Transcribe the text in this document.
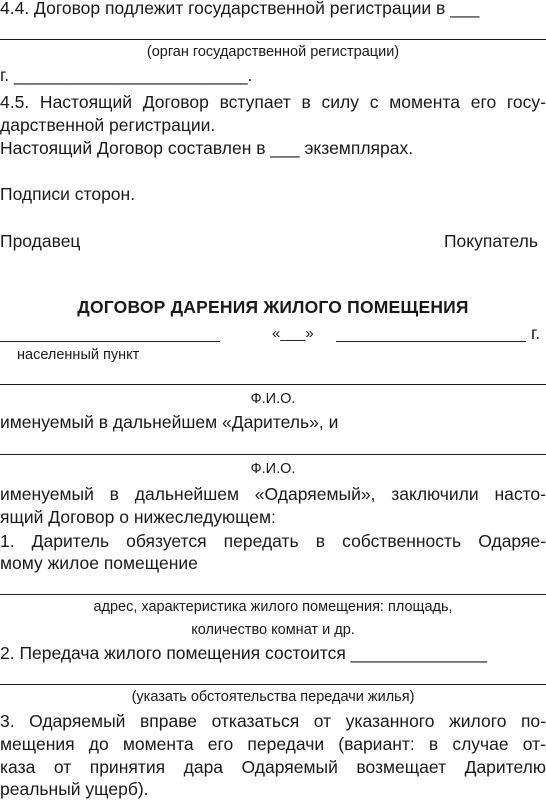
4.4. Договор подлежит государственной регистрации в ___
(орган государственной регистрации)
г. ________________________.
4.5. Настоящий Договор вступает в силу с момента его госу-
дарственной регистрации.
Настоящий Договор составлен в ___ экземплярах.
Подписи сторон.
Продавец	Покупатель
ДОГОВОР ДАРЕНИЯ ЖИЛОГО ПОМЕЩЕНИЯ
«___»	г.
населенный пункт
Ф.И.О.
именуемый в дальнейшем «Даритель», и
Ф.И.О.
именуемый в дальнейшем «Одаряемый», заключили насто-
ящий Договор о нижеследующем:
1. Даритель обязуется передать в собственность Одаряе-
мому жилое помещение
адрес, характеристика жилого помещения: площадь,
количество комнат и др.
2. Передача жилого помещения состоится ______________
(указать обстоятельства передачи жилья)
3. Одаряемый вправе отказаться от указанного жилого по-
мещения до момента его передачи (вариант: в случае от-
каза от принятия дара Одаряемый возмещает Дарителю
реальный ущерб).
